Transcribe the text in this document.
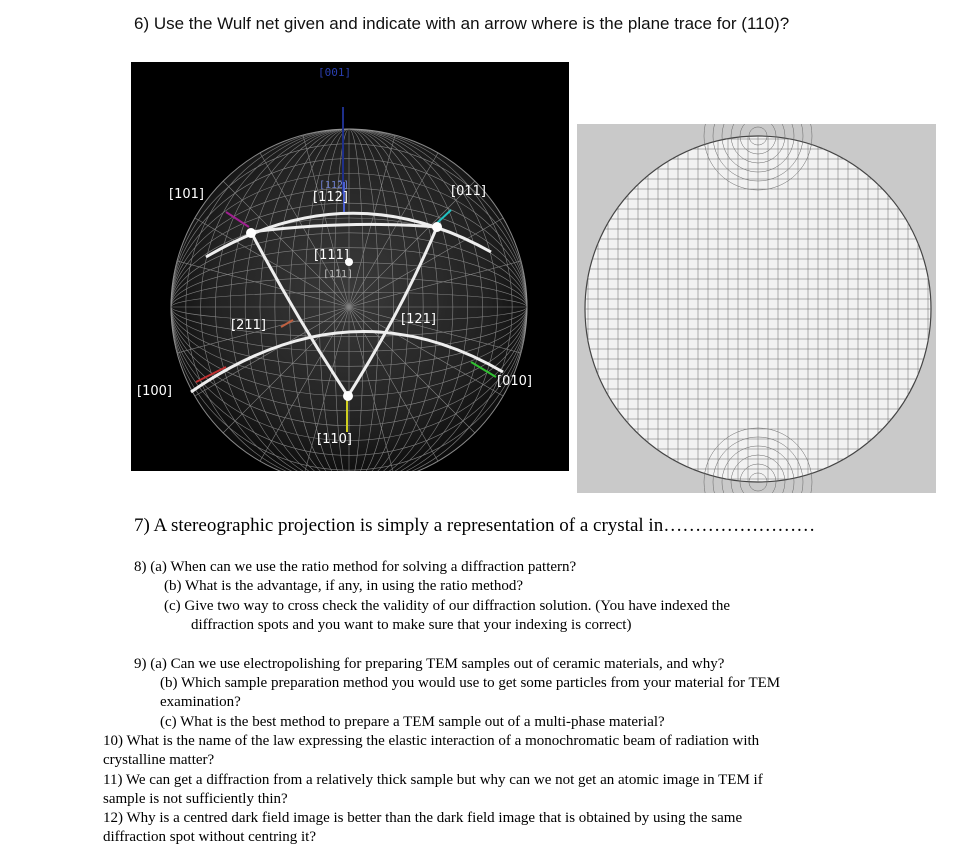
6) Use the Wulf net given and indicate with an arrow where is the plane trace for (110)?
[001]
[101]
[11̄2]
[112]	[011]
[111]
[1̄11]
[211]	[121]
[100]
[010]
[110]
7) A stereographic projection is simply a representation of a crystal in……………………
8) (a) When can we use the ratio method for solving a diffraction pattern?
(b) What is the advantage, if any, in using the ratio method?
(c) Give two way to cross check the validity of our diffraction solution. (You have indexed the
diffraction spots and you want to make sure that your indexing is correct)
9) (a) Can we use electropolishing for preparing TEM samples out of ceramic materials, and why?
(b) Which sample preparation method you would use to get some particles from your material for TEM
examination?
(c) What is the best method to prepare a TEM sample out of a multi-phase material?
10) What is the name of the law expressing the elastic interaction of a monochromatic beam of radiation with
crystalline matter?
11) We can get a diffraction from a relatively thick sample but why can we not get an atomic image in TEM if
sample is not sufficiently thin?
12) Why is a centred dark field image is better than the dark field image that is obtained by using the same
diffraction spot without centring it?
